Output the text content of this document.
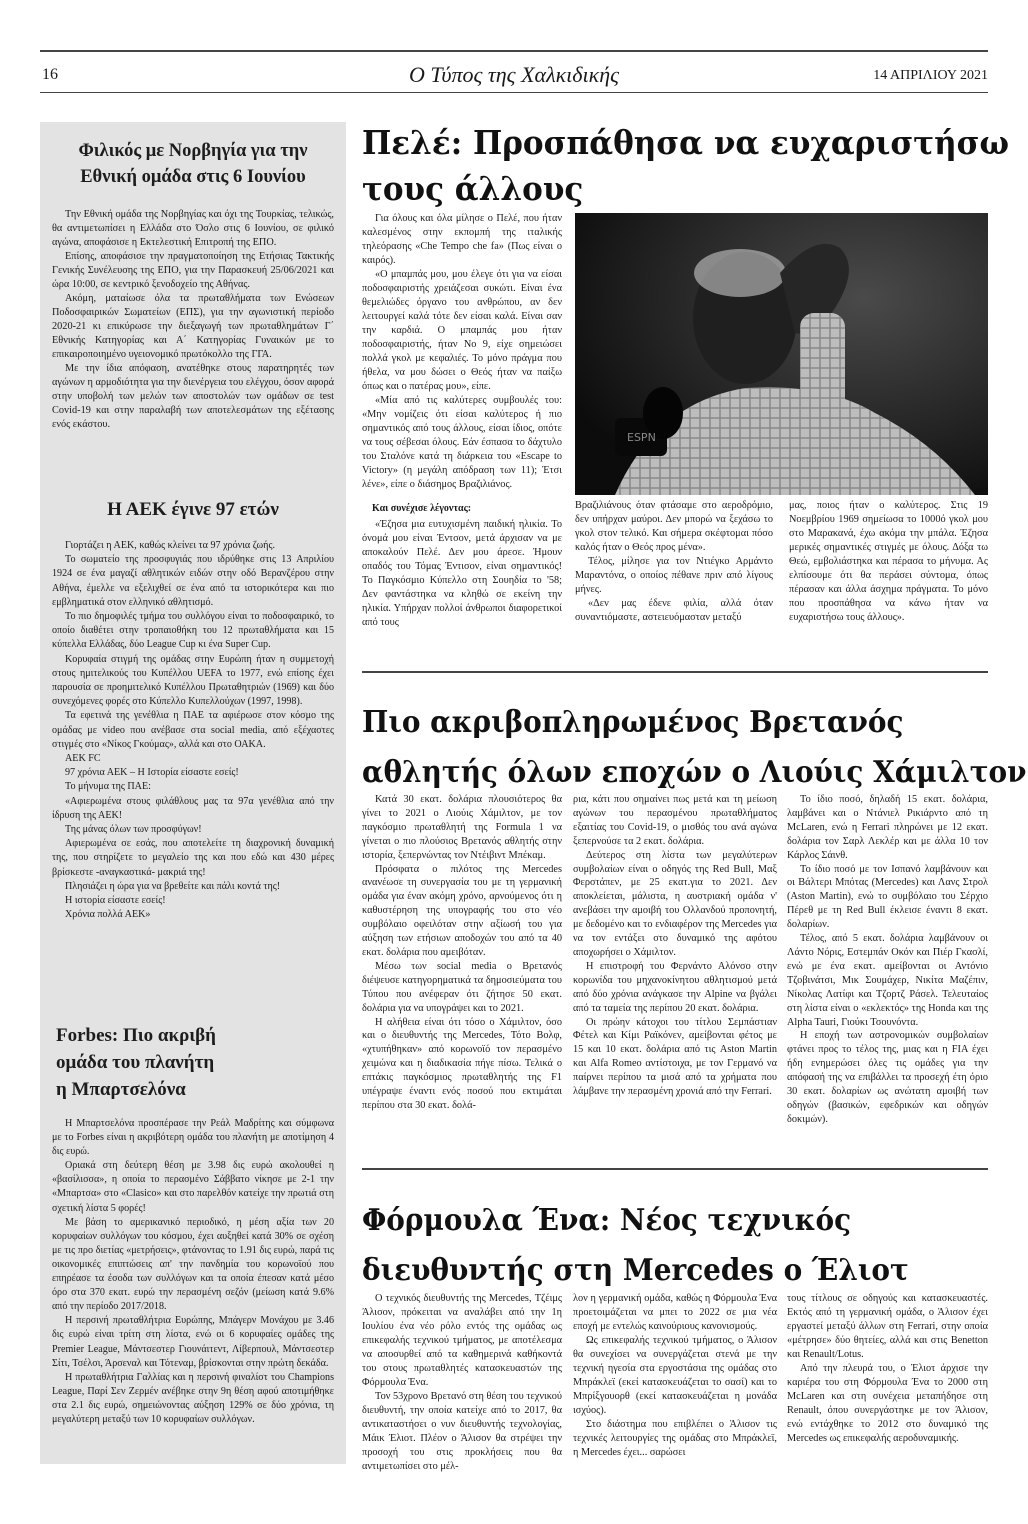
16	Ο Τύπος της Χαλκιδικής	14 ΑΠΡΙΛΙΟΥ 2021
Φιλικός με Νορβηγία για την
Εθνική ομάδα στις 6 Ιουνίου

Την Εθνική ομάδα της Νορβηγίας και όχι της Τουρκίας, τελικώς, θα αντιμετωπίσει η Ελλάδα στο Όσλο στις 6 Ιουνίου, σε φιλικό αγώνα, αποφάσισε η Εκτελεστική Επιτροπή της ΕΠΟ.

Επίσης, αποφάσισε την πραγματοποίηση της Ετήσιας Τακτικής Γενικής Συνέλευσης της ΕΠΟ, για την Παρασκευή 25/06/2021 και ώρα 10:00, σε κεντρικό ξενοδοχείο της Αθήνας.

Ακόμη, ματαίωσε όλα τα πρωταθλήματα των Ενώσεων Ποδοσφαιρικών Σωματείων (ΕΠΣ), για την αγωνιστική περίοδο 2020-21 κι επικύρωσε την διεξαγωγή των πρωταθλημάτων Γ΄ Εθνικής Κατηγορίας και Α΄ Κατηγορίας Γυναικών με το επικαιροποιημένο υγειονομικό πρωτόκολλο της ΓΓΑ.

Με την ίδια απόφαση, ανατέθηκε στους παρατηρητές των αγώνων η αρμοδιότητα για την διενέργεια του ελέγχου, όσον αφορά στην υποβολή των μελών των αποστολών των ομάδων σε test Covid-19 και στην παραλαβή των αποτελεσμάτων της εξέτασης ενός εκάστου.

Η ΑΕΚ έγινε 97 ετών

Γιορτάζει η ΑΕΚ, καθώς κλείνει τα 97 χρόνια ζωής.

Το σωματείο της προσφυγιάς που ιδρύθηκε στις 13 Απριλίου 1924 σε ένα μαγαζί αθλητικών ειδών στην οδό Βερανζέρου στην Αθήνα, έμελλε να εξελιχθεί σε ένα από τα ιστορικότερα και πιο εμβληματικά στον ελληνικό αθλητισμό.

Το πιο δημοφιλές τμήμα του συλλόγου είναι το ποδοσφαιρικό, το οποίο διαθέτει στην τροπαιοθήκη του 12 πρωταθλήματα και 15 κύπελλα Ελλάδας, δύο League Cup κι ένα Super Cup.

Κορυφαία στιγμή της ομάδας στην Ευρώπη ήταν η συμμετοχή στους ημιτελικούς του Κυπέλλου UEFA το 1977, ενώ επίσης έχει παρουσία σε προημιτελικό Κυπέλλου Πρωταθητριών (1969) και δύο συνεχόμενες φορές στο Κύπελλο Κυπελλούχων (1997, 1998).

Τα εφετινά της γενέθλια η ΠΑΕ τα αφιέρωσε στον κόσμο της ομάδας με video που ανέβασε στα social media, από εξέχαστες στιγμές στο «Νίκος Γκούμας», αλλά και στο ΟΑΚΑ.

ΑΕΚ FC

97 χρόνια ΑΕΚ – Η Ιστορία είσαστε εσείς!

Το μήνυμα της ΠΑΕ:

«Αφιερωμένα στους φιλάθλους μας τα 97α γενέθλια από την ίδρυση της ΑΕΚ!

Της μάνας όλων των προσφύγων!

Αφιερωμένα σε εσάς, που αποτελείτε τη διαχρονική δυναμική της, που στηρίζετε το μεγαλείο της και που εδώ και 430 μέρες βρίσκεστε -αναγκαστικά- μακριά της!

Πλησιάζει η ώρα για να βρεθείτε και πάλι κοντά της!

Η ιστορία είσαστε εσείς!

Χρόνια πολλά ΑΕΚ»

Forbes: Πιο ακριβή
ομάδα του πλανήτη
η Μπαρτσελόνα

Η Μπαρτσελόνα προσπέρασε την Ρεάλ Μαδρίτης και σύμφωνα με το Forbes είναι η ακριβότερη ομάδα του πλανήτη με αποτίμηση 4 δις ευρώ.

Οριακά στη δεύτερη θέση με 3.98 δις ευρώ ακολουθεί η «βασίλισσα», η οποία το περασμένο Σάββατο νίκησε με 2-1 την «Μπαρτσα» στο «Clasico» και στο παρελθόν κατείχε την πρωτιά στη σχετική λίστα 5 φορές!

Με βάση το αμερικανικό περιοδικό, η μέση αξία των 20 κορυφαίων συλλόγων του κόσμου, έχει αυξηθεί κατά 30% σε σχέση με τις προ διετίας «μετρήσεις», φτάνοντας το 1.91 δις ευρώ, παρά τις οικονομικές επιπτώσεις απ' την πανδημία του κορωνοϊού που επηρέασε τα έσοδα των συλλόγων και τα οποία έπεσαν κατά μέσο όρο στα 370 εκατ. ευρώ την περασμένη σεζόν (μείωση κατά 9.6% από την περίοδο 2017/2018.

Η περσινή πρωταθλήτρια Ευρώπης, Μπάγερν Μονάχου με 3.46 δις ευρώ είναι τρίτη στη λίστα, ενώ οι 6 κορυφαίες ομάδες της Premier League, Μάντσεστερ Γιουνάιτεντ, Λίβερπουλ, Μάντσεστερ Σίτι, Τσέλσι, Άρσεναλ και Τότεναμ, βρίσκονται στην πρώτη δεκάδα.

Η πρωταθλήτρια Γαλλίας και η περσινή φιναλίστ του Champions League, Παρί Σεν Ζερμέν ανέβηκε στην 9η θέση αφού αποτιμήθηκε στα 2.1 δις ευρώ, σημειώνοντας αύξηση 129% σε δύο χρόνια, τη μεγαλύτερη μεταξύ των 10 κορυφαίων συλλόγων.

Πελέ: Προσπάθησα να ευχαριστήσω
τους άλλους

Για όλους και όλα μίλησε ο Πελέ, που ήταν καλεσμένος στην εκπομπή της ιταλικής τηλεόρασης «Che Tempo che fa» (Πως είναι ο καιρός).

«Ο μπαμπάς μου, μου έλεγε ότι για να είσαι ποδοσφαιριστής χρειάζεσαι συκώτι. Είναι ένα θεμελιώδες όργανο του ανθρώπου, αν δεν λειτουργεί καλά τότε δεν είσαι καλά. Είναι σαν την καρδιά. Ο μπαμπάς μου ήταν ποδοσφαιριστής, ήταν Νο 9, είχε σημειώσει πολλά γκολ με κεφαλιές. Το μόνο πράγμα που ήθελα, να μου δώσει ο Θεός ήταν να παίξω όπως και ο πατέρας μου», είπε.

«Μία από τις καλύτερες συμβουλές του: «Μην νομίζεις ότι είσαι καλύτερος ή πιο σημαντικός από τους άλλους, είσαι ίδιος, οπότε να τους σέβεσαι όλους. Εάν έσπασα το δάχτυλο του Σταλόνε κατά τη διάρκεια του «Escape to Victory» (η μεγάλη απόδραση των 11); Έτσι λένε», είπε ο διάσημος Βραζιλιάνος.

Και συνέχισε λέγοντας:

«Έζησα μια ευτυχισμένη παιδική ηλικία. Το όνομά μου είναι Έντσον, μετά άρχισαν να με αποκαλούν Πελέ. Δεν μου άρεσε. Ήμουν οπαδός του Τόμας Έντισον, είναι σημαντικός! Το Παγκόσμιο Κύπελλο στη Σουηδία το '58; Δεν φαντάστηκα να κληθώ σε εκείνη την ηλικία. Υπήρχαν πολλοί άνθρωποι διαφορετικοί από τους

ESPN

Βραζιλιάνους όταν φτάσαμε στο αεροδρόμιο, δεν υπήρχαν μαύροι. Δεν μπορώ να ξεχάσω το γκολ στον τελικό. Και σήμερα σκέφτομαι πόσο καλός ήταν ο Θεός προς μένα».

Τέλος, μίλησε για τον Ντιέγκο Αρμάντο Μαραντόνα, ο οποίος πέθανε πριν από λίγους μήνες.

«Δεν μας έδενε φιλία, αλλά όταν συναντιόμαστε, αστειευόμασταν μεταξύ

μας, ποιος ήταν ο καλύτερος. Στις 19 Νοεμβρίου 1969 σημείωσα το 1000ό γκολ μου στο Μαρακανά, έχω ακόμα την μπάλα. Έζησα μερικές σημαντικές στιγμές με όλους. Δόξα τω Θεώ, εμβολιάστηκα και πέρασα το μήνυμα. Ας ελπίσουμε ότι θα περάσει σύντομα, όπως πέρασαν και άλλα άσχημα πράγματα. Το μόνο που προσπάθησα να κάνω ήταν να ευχαριστήσω τους άλλους».

Πιο ακριβοπληρωμένος Βρετανός
αθλητής όλων εποχών ο Λιούις Χάμιλτον

Κατά 30 εκατ. δολάρια πλουσιότερος θα γίνει το 2021 ο Λιούις Χάμιλτον, με τον παγκόσμιο πρωταθλητή της Formula 1 να γίνεται ο πιο πλούσιος Βρετανός αθλητής στην ιστορία, ξεπερνώντας τον Ντέιβιντ Μπέκαμ.

Πρόσφατα ο πιλότος της Mercedes ανανέωσε τη συνεργασία του με τη γερμανική ομάδα για έναν ακόμη χρόνο, αρνούμενος ότι η καθυστέρηση της υπογραφής του στο νέο συμβόλαιο οφειλόταν στην αξίωσή του για αύξηση των ετήσιων αποδοχών του από τα 40 εκατ. δολάρια που αμειβόταν.

Μέσω των social media ο Βρετανός διέψευσε κατηγορηματικά τα δημοσιεύματα του Τύπου που ανέφεραν ότι ζήτησε 50 εκατ. δολάρια για να υπογράψει και το 2021.

Η αλήθεια είναι ότι τόσο ο Χάμιλτον, όσο και ο διευθυντής της Mercedes, Τότο Βολφ, «χτυπήθηκαν» από κορωνοϊό τον περασμένο χειμώνα και η διαδικασία πήγε πίσω. Τελικά ο επτάκις παγκόσμιος πρωταθλητής της F1 υπέγραψε έναντι ενός ποσού που εκτιμάται περίπου στα 30 εκατ. δολά-

ρια, κάτι που σημαίνει πως μετά και τη μείωση αγώνων του περασμένου πρωταθλήματος εξαιτίας του Covid-19, ο μισθός του ανά αγώνα ξεπερνούσε τα 2 εκατ. δολάρια.

Δεύτερος στη λίστα των μεγαλύτερων συμβολαίων είναι ο οδηγός της Red Bull, Μαξ Φερστάπεν, με 25 εκατ.για το 2021. Δεν αποκλείεται, μάλιστα, η αυστριακή ομάδα ν' ανεβάσει την αμοιβή του Ολλανδού προπονητή, με δεδομένο και το ενδιαφέρον της Mercedes για να τον εντάξει στο δυναμικό της αφότου αποχωρήσει ο Χάμιλτον.

Η επιστροφή του Φερνάντο Αλόνσο στην κορωνίδα του μηχανοκίνητου αθλητισμού μετά από δύο χρόνια ανάγκασε την Alpine να βγάλει από τα ταμεία της περίπου 20 εκατ. δολάρια.

Οι πρώην κάτοχοι του τίτλου Σεμπάστιαν Φέτελ και Κίμι Ραϊκόνεν, αμείβονται φέτος με 15 και 10 εκατ. δολάρια από τις Aston Martin και Alfa Romeo αντίστοιχα, με τον Γερμανό να παίρνει περίπου τα μισά από τα χρήματα που λάμβανε την περασμένη χρονιά από την Ferrari.

Το ίδιο ποσό, δηλαδή 15 εκατ. δολάρια, λαμβάνει και ο Ντάνιελ Ρικιάρντο από τη McLaren, ενώ η Ferrari πληρώνει με 12 εκατ. δολάρια τον Σαρλ Λεκλέρ και με άλλα 10 τον Κάρλος Σάινθ.

Το ίδιο ποσό με τον Ισπανό λαμβάνουν και οι Βάλτερι Μπότας (Mercedes) και Λανς Στρολ (Aston Martin), ενώ το συμβόλαιο του Σέρχιο Πέρεθ με τη Red Bull έκλεισε έναντι 8 εκατ. δολαρίων.

Τέλος, από 5 εκατ. δολάρια λαμβάνουν οι Λάντο Νόρις, Εστεμπάν Οκόν και Πιέρ Γκασλί, ενώ με ένα εκατ. αμείβονται οι Αντόνιο Τζοβινάτσι, Μικ Σουμάχερ, Νικίτα Μαζέπιν, Νίκολας Λατίφι και Τζορτζ Ράσελ. Τελευταίος στη λίστα είναι ο «εκλεκτός» της Honda και της Alpha Tauri, Γιούκι Τσουνόντα.

Η εποχή των αστρονομικών συμβολαίων φτάνει προς το τέλος της, μιας και η FIA έχει ήδη ενημερώσει όλες τις ομάδες για την απόφασή της να επιβάλλει τα προσεχή έτη όριο 30 εκατ. δολαρίων ως ανώτατη αμοιβή των οδηγών (βασικών, εφεδρικών και οδηγών δοκιμών).

Φόρμουλα Ένα: Νέος τεχνικός
διευθυντής στη Mercedes ο Έλιοτ

Ο τεχνικός διευθυντής της Mercedes, Τζέιμς Άλισον, πρόκειται να αναλάβει από την 1η Ιουλίου ένα νέο ρόλο εντός της ομάδας ως επικεφαλής τεχνικού τμήματος, με αποτέλεσμα να αποσυρθεί από τα καθημερινά καθήκοντά του στους πρωταθλητές κατασκευαστών της Φόρμουλα Ένα.

Τον 53χρονο Βρετανό στη θέση του τεχνικού διευθυντή, την οποία κατείχε από το 2017, θα αντικαταστήσει ο νυν διευθυντής τεχνολογίας, Μάικ Έλιοτ. Πλέον ο Άλισον θα στρέψει την προσοχή του στις προκλήσεις που θα αντιμετωπίσει στο μέλ-

λον η γερμανική ομάδα, καθώς η Φόρμουλα Ένα προετοιμάζεται να μπει το 2022 σε μια νέα εποχή με εντελώς καινούριους κανονισμούς.

Ως επικεφαλής τεχνικού τμήματος, ο Άλισον θα συνεχίσει να συνεργάζεται στενά με την τεχνική ηγεσία στα εργοστάσια της ομάδας στο Μπράκλεϊ (εκεί κατασκευάζεται το σασί) και το Μπρίξγουορθ (εκεί κατασκευάζεται η μονάδα ισχύος).

Στο διάστημα που επιβλέπει ο Άλισον τις τεχνικές λειτουργίες της ομάδας στο Μπράκλεϊ, η Mercedes έχει... σαρώσει

τους τίτλους σε οδηγούς και κατασκευαστές. Εκτός από τη γερμανική ομάδα, ο Άλισον έχει εργαστεί μεταξύ άλλων στη Ferrari, στην οποία «μέτρησε» δύο θητείες, αλλά και στις Benetton και Renault/Lotus.

Από την πλευρά του, ο Έλιοτ άρχισε την καριέρα του στη Φόρμουλα Ένα το 2000 στη McLaren και στη συνέχεια μεταπήδησε στη Renault, όπου συνεργάστηκε με τον Άλισον, ενώ εντάχθηκε το 2012 στο δυναμικό της Mercedes ως επικεφαλής αεροδυναμικής.
